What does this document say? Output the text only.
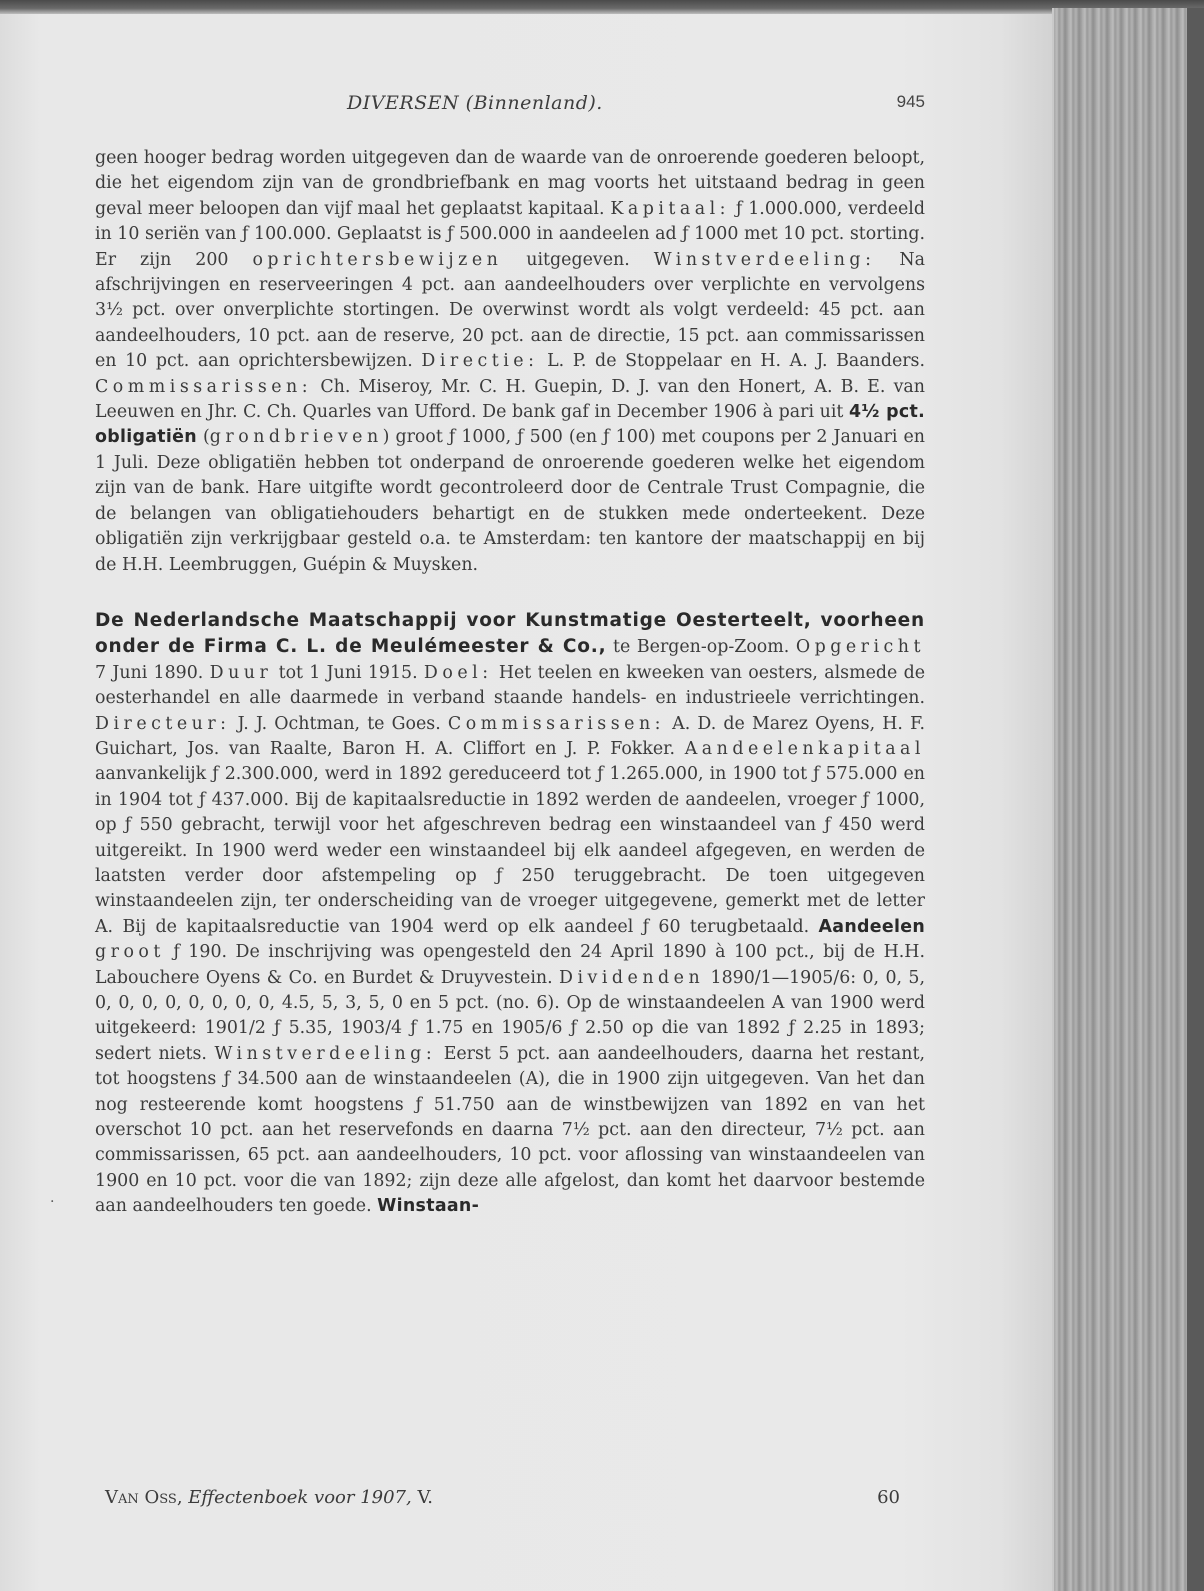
DIVERSEN (Binnenland).	945

geen hooger bedrag worden uitgegeven dan de waarde van de onroerende goederen beloopt, die het eigendom zijn van de grondbriefbank en mag voorts het uitstaand bedrag in geen geval meer beloopen dan vijf maal het geplaatst kapitaal. Kapitaal: ƒ 1.000.000, verdeeld in 10 seriën van ƒ 100.000. Geplaatst is ƒ 500.000 in aandeelen ad ƒ 1000 met 10 pct. storting. Er zijn 200 oprichtersbewijzen uitgegeven. Winstverdeeling: Na afschrijvingen en reserveeringen 4 pct. aan aandeelhouders over verplichte en vervolgens 3½ pct. over onverplichte stortingen. De overwinst wordt als volgt verdeeld: 45 pct. aan aandeelhouders, 10 pct. aan de reserve, 20 pct. aan de directie, 15 pct. aan commissarissen en 10 pct. aan oprichtersbewijzen. Directie: L. P. de Stoppelaar en H. A. J. Baanders. Commissarissen: Ch. Miseroy, Mr. C. H. Guepin, D. J. van den Honert, A. B. E. van Leeuwen en Jhr. C. Ch. Quarles van Ufford. De bank gaf in December 1906 à pari uit 4½ pct. obligatiën (grondbrieven) groot ƒ 1000, ƒ 500 (en ƒ 100) met coupons per 2 Januari en 1 Juli. Deze obligatiën hebben tot onderpand de onroerende goederen welke het eigendom zijn van de bank. Hare uitgifte wordt gecontroleerd door de Centrale Trust Compagnie, die de belangen van obligatiehouders behartigt en de stukken mede onderteekent. Deze obligatiën zijn verkrijgbaar gesteld o.a. te Amsterdam: ten kantore der maatschappij en bij de H.H. Leembruggen, Guépin & Muysken.

De Nederlandsche Maatschappij voor Kunstmatige Oesterteelt, voorheen onder de Firma C. L. de Meulémeester & Co., te Bergen-op-Zoom. Opgericht 7 Juni 1890. Duur tot 1 Juni 1915. Doel: Het teelen en kweeken van oesters, alsmede de oesterhandel en alle daarmede in verband staande handels- en industrieele verrichtingen. Directeur: J. J. Ochtman, te Goes. Commissarissen: A. D. de Marez Oyens, H. F. Guichart, Jos. van Raalte, Baron H. A. Cliffort en J. P. Fokker. Aandeelenkapitaal aanvankelijk ƒ 2.300.000, werd in 1892 gereduceerd tot ƒ 1.265.000, in 1900 tot ƒ 575.000 en in 1904 tot ƒ 437.000. Bij de kapitaalsreductie in 1892 werden de aandeelen, vroeger ƒ 1000, op ƒ 550 gebracht, terwijl voor het afgeschreven bedrag een winstaandeel van ƒ 450 werd uitgereikt. In 1900 werd weder een winstaandeel bij elk aandeel afgegeven, en werden de laatsten verder door afstempeling op ƒ 250 teruggebracht. De toen uitgegeven winstaandeelen zijn, ter onderscheiding van de vroeger uitgegevene, gemerkt met de letter A. Bij de kapitaalsreductie van 1904 werd op elk aandeel ƒ 60 terugbetaald. Aandeelen groot ƒ 190. De inschrijving was opengesteld den 24 April 1890 à 100 pct., bij de H.H. Labouchere Oyens & Co. en Burdet & Druyvestein. Dividenden 1890/1—1905/6: 0, 0, 5, 0, 0, 0, 0, 0, 0, 0, 0, 4.5, 5, 3, 5, 0 en 5 pct. (no. 6). Op de winstaandeelen A van 1900 werd uitgekeerd: 1901/2 ƒ 5.35, 1903/4 ƒ 1.75 en 1905/6 ƒ 2.50 op die van 1892 ƒ 2.25 in 1893; sedert niets. Winstverdeeling: Eerst 5 pct. aan aandeelhouders, daarna het restant, tot hoogstens ƒ 34.500 aan de winstaandeelen (A), die in 1900 zijn uitgegeven. Van het dan nog resteerende komt hoogstens ƒ 51.750 aan de winstbewijzen van 1892 en van het overschot 10 pct. aan het reservefonds en daarna 7½ pct. aan den directeur, 7½ pct. aan commissarissen, 65 pct. aan aandeelhouders, 10 pct. voor aflossing van winstaandeelen van 1900 en 10 pct. voor die van 1892; zijn deze alle afgelost, dan komt het daarvoor bestemde aan aandeelhouders ten goede. Winstaan-

.
Van Oss, Effectenboek voor 1907, V.	60
